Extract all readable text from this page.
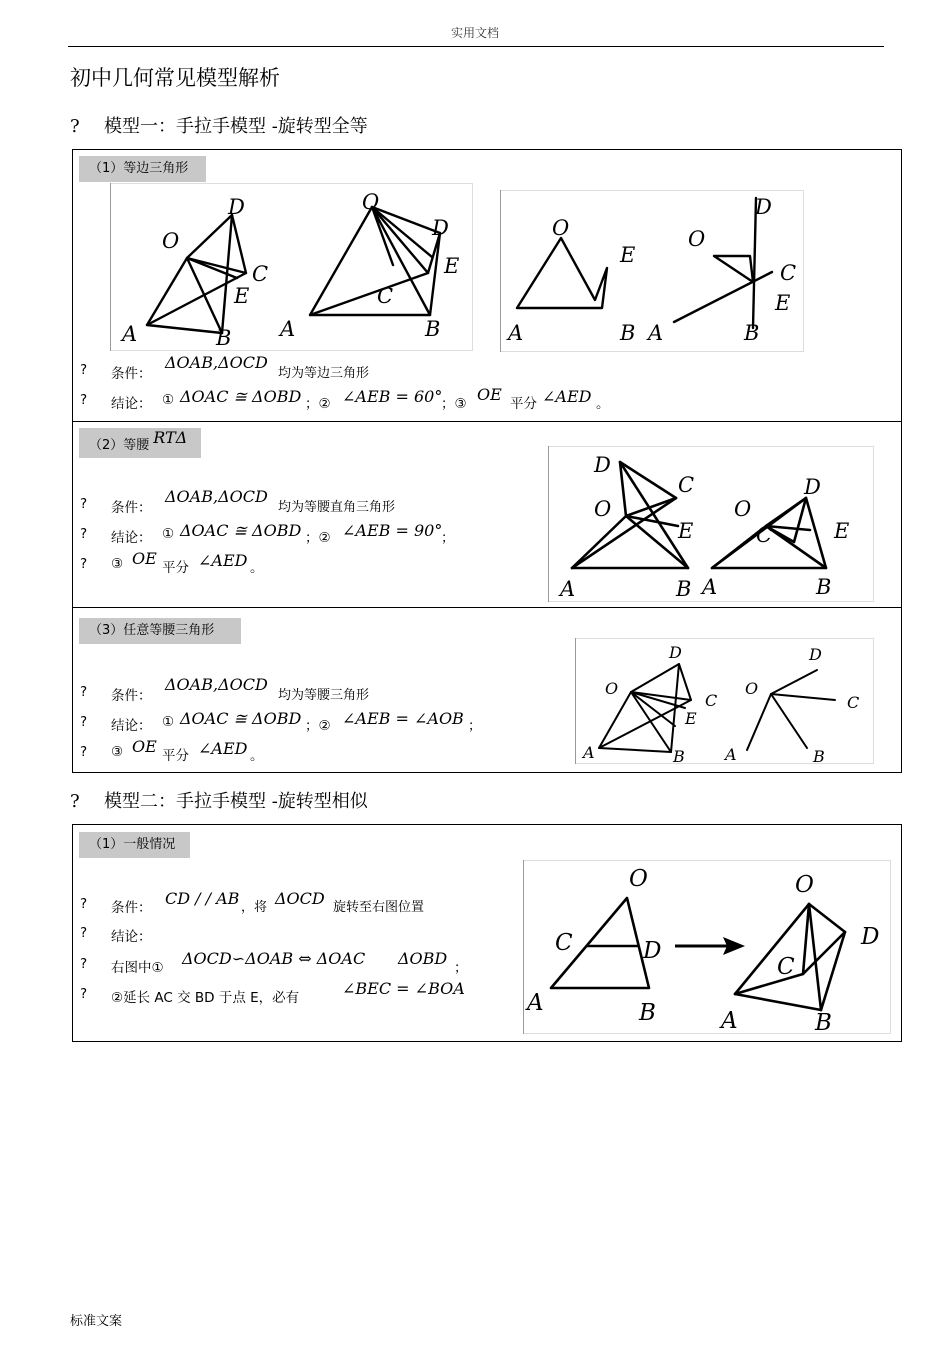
实用文档
初中几何常见模型解析
? 模型一：手拉手模型 -旋转型全等
（1）等边三角形
O
D
C
E
A	B
O
D
E
C
A	B
O
E
A	B
O
D
C
E
A	B
? 条件：
ΔOAB,ΔOCD
均为等边三角形
? 结论： ① ΔOAC ≅ ΔOBD ；② ∠AEB = 60°
；③ OE 平分 ∠AED 。
（2）等腰 RTΔ
D
C
O
E
A	B
O
D
C	E
A	B
? 条件：
ΔOAB,ΔOCD
均为等腰直角三角形
? 结论： ① ΔOAC ≅ ΔOBD ；② ∠AEB = 90°
；
? ③ OE 平分 ∠AED 。
（3）任意等腰三角形
D
O
C
E
A	B
D
O
C
A	B
? 条件：
ΔOAB,ΔOCD
均为等腰三角形
? 结论： ① ΔOAC ≅ ΔOBD ；② ∠AEB = ∠AOB ；
? ③ OE 平分 ∠AED 。
? 模型二：手拉手模型 -旋转型相似
（1）一般情况
O
C	D
A	B
O
D
C
A	B
? 条件： CD / / AB ，将 ΔOCD 旋转至右图位置
? 结论：
? 右图中① ΔOCD∽ΔOAB ⇔ ΔOAC ΔOBD ；
? ②延长 AC 交 BD 于点 E，必有	∠BEC = ∠BOA
标准文案
